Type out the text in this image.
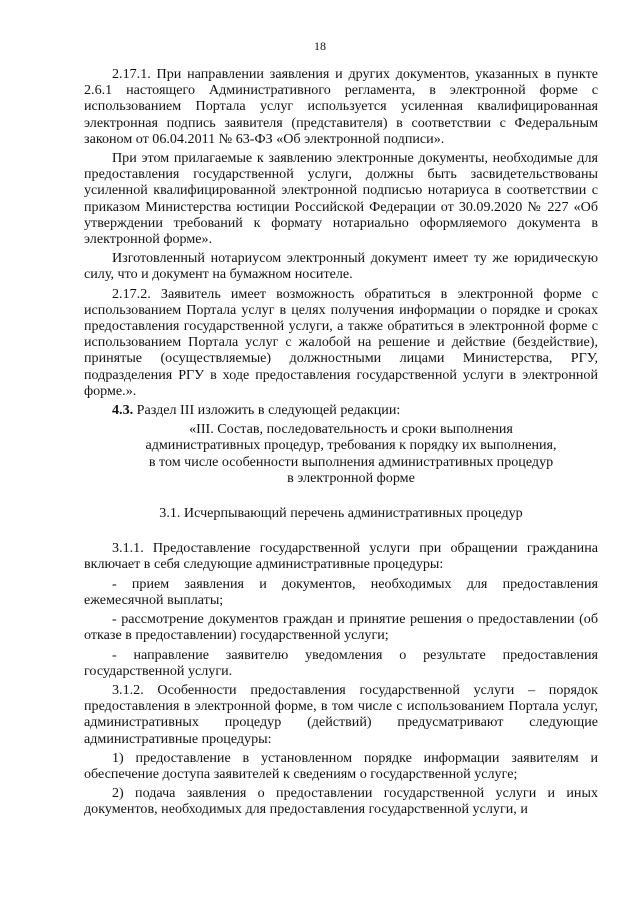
18

2.17.1. При направлении заявления и других документов, указанных в пункте 2.6.1 настоящего Административного регламента, в электронной форме с использованием Портала услуг используется усиленная квалифицированная электронная подпись заявителя (представителя) в соответствии с Федеральным законом от 06.04.2011 № 63-ФЗ «Об электронной подписи».

При этом прилагаемые к заявлению электронные документы, необходимые для предоставления государственной услуги, должны быть засвидетельствованы усиленной квалифицированной электронной подписью нотариуса в соответствии с приказом Министерства юстиции Российской Федерации от 30.09.2020 № 227 «Об утверждении требований к формату нотариально оформляемого документа в электронной форме».

Изготовленный нотариусом электронный документ имеет ту же юридическую силу, что и документ на бумажном носителе.

2.17.2. Заявитель имеет возможность обратиться в электронной форме с использованием Портала услуг в целях получения информации о порядке и сроках предоставления государственной услуги, а также обратиться в электронной форме с использованием Портала услуг с жалобой на решение и действие (бездействие), принятые (осуществляемые) должностными лицами Министерства, РГУ, подразделения РГУ в ходе предоставления государственной услуги в электронной форме.».

4.3. Раздел III изложить в следующей редакции:

«III. Состав, последовательность и сроки выполнения административных процедур, требования к порядку их выполнения, в том числе особенности выполнения административных процедур в электронной форме

3.1. Исчерпывающий перечень административных процедур

3.1.1. Предоставление государственной услуги при обращении гражданина включает в себя следующие административные процедуры:

- прием заявления и документов, необходимых для предоставления ежемесячной выплаты;

- рассмотрение документов граждан и принятие решения о предоставлении (об отказе в предоставлении) государственной услуги;

- направление заявителю уведомления о результате предоставления государственной услуги.

3.1.2. Особенности предоставления государственной услуги – порядок предоставления в электронной форме, в том числе с использованием Портала услуг, административных процедур (действий) предусматривают следующие административные процедуры:

1) предоставление в установленном порядке информации заявителям и обеспечение доступа заявителей к сведениям о государственной услуге;

2) подача заявления о предоставлении государственной услуги и иных документов, необходимых для предоставления государственной услуги, и
